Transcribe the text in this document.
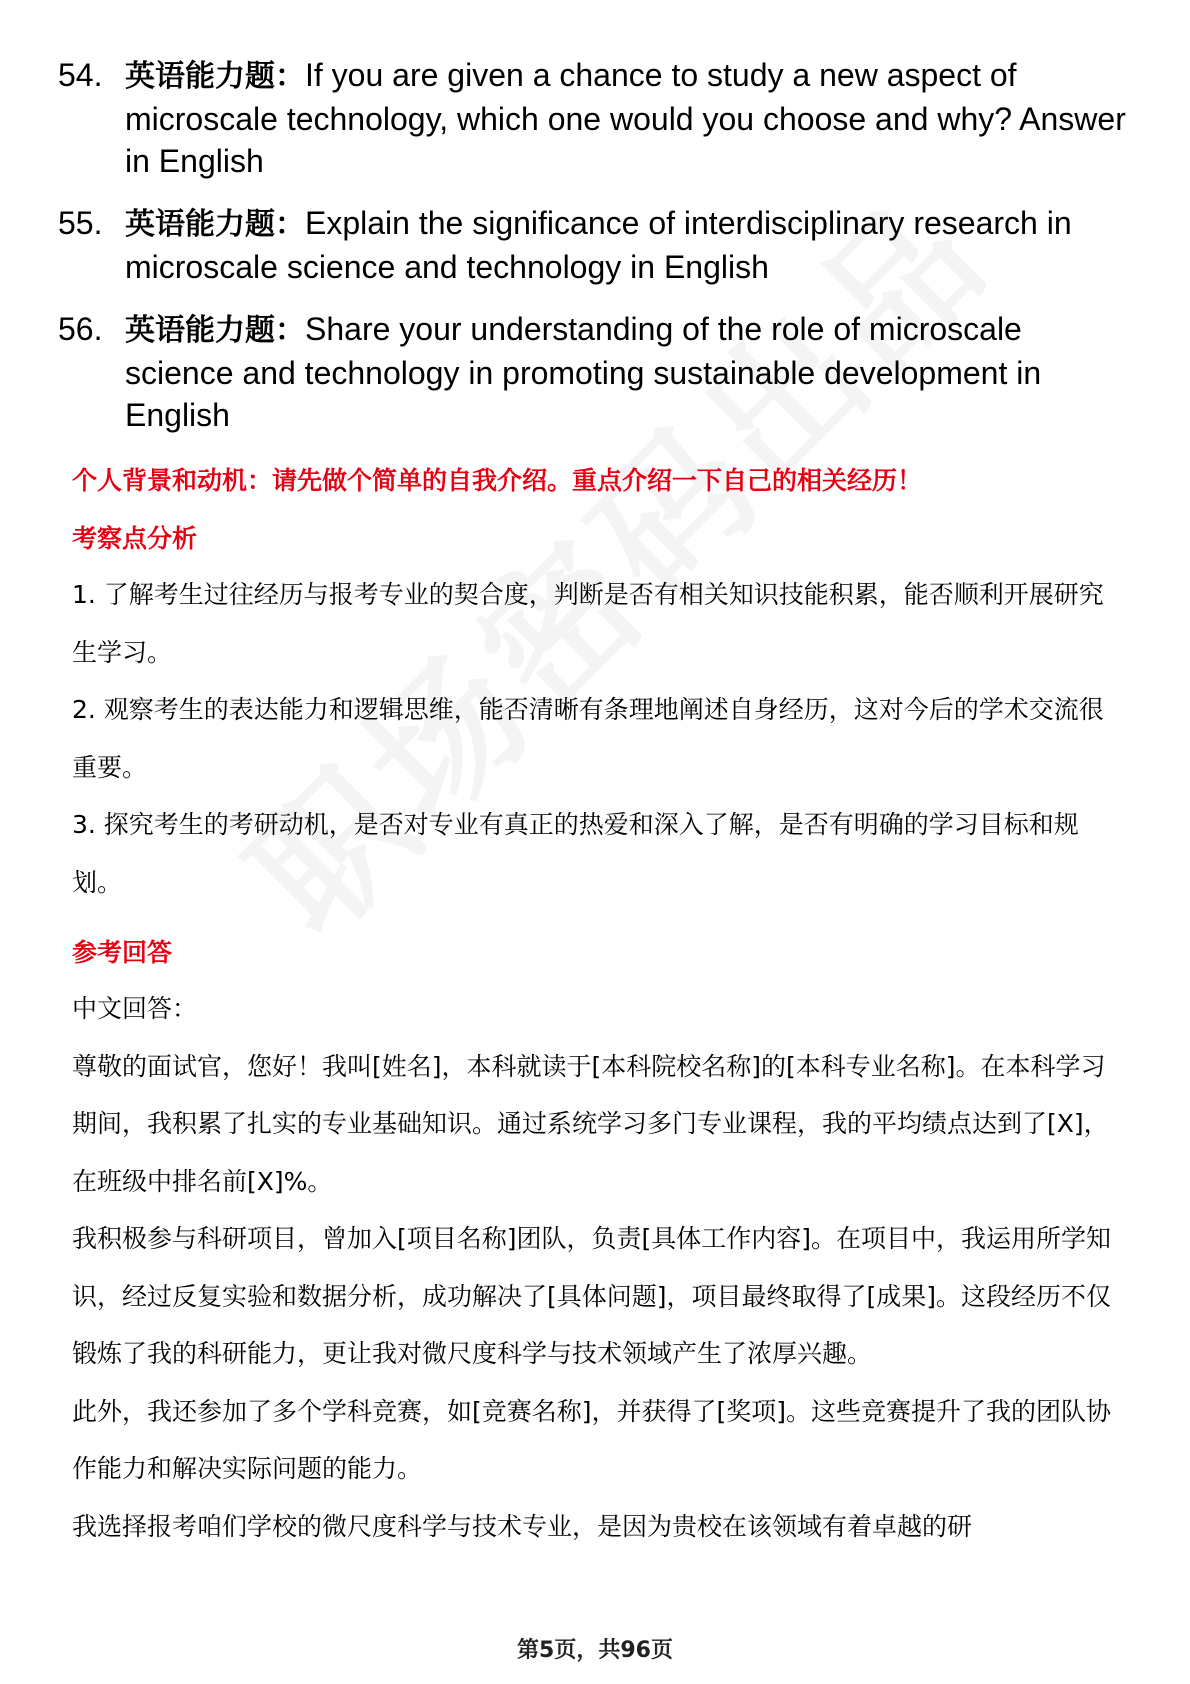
54. 英语能力题：If you are given a chance to study a new aspect of microscale technology, which one would you choose and why? Answer in English
55. 英语能力题：Explain the significance of interdisciplinary research in microscale science and technology in English
56. 英语能力题：Share your understanding of the role of microscale science and technology in promoting sustainable development in English
个人背景和动机：请先做个简单的自我介绍。重点介绍一下自己的相关经历！
考察点分析

1. 了解考生过往经历与报考专业的契合度，判断是否有相关知识技能积累，能否顺利开展研究生学习。

2. 观察考生的表达能力和逻辑思维，能否清晰有条理地阐述自身经历，这对今后的学术交流很重要。

3. 探究考生的考研动机，是否对专业有真正的热爱和深入了解，是否有明确的学习目标和规划。

参考回答

中文回答：

尊敬的面试官，您好！我叫[姓名]，本科就读于[本科院校名称]的[本科专业名称]。在本科学习期间，我积累了扎实的专业基础知识。通过系统学习多门专业课程，我的平均绩点达到了[X]，在班级中排名前[X]%。

我积极参与科研项目，曾加入[项目名称]团队，负责[具体工作内容]。在项目中，我运用所学知识，经过反复实验和数据分析，成功解决了[具体问题]，项目最终取得了[成果]。这段经历不仅锻炼了我的科研能力，更让我对微尺度科学与技术领域产生了浓厚兴趣。

此外，我还参加了多个学科竞赛，如[竞赛名称]，并获得了[奖项]。这些竞赛提升了我的团队协作能力和解决实际问题的能力。

我选择报考咱们学校的微尺度科学与技术专业，是因为贵校在该领域有着卓越的研

第5页，共96页
